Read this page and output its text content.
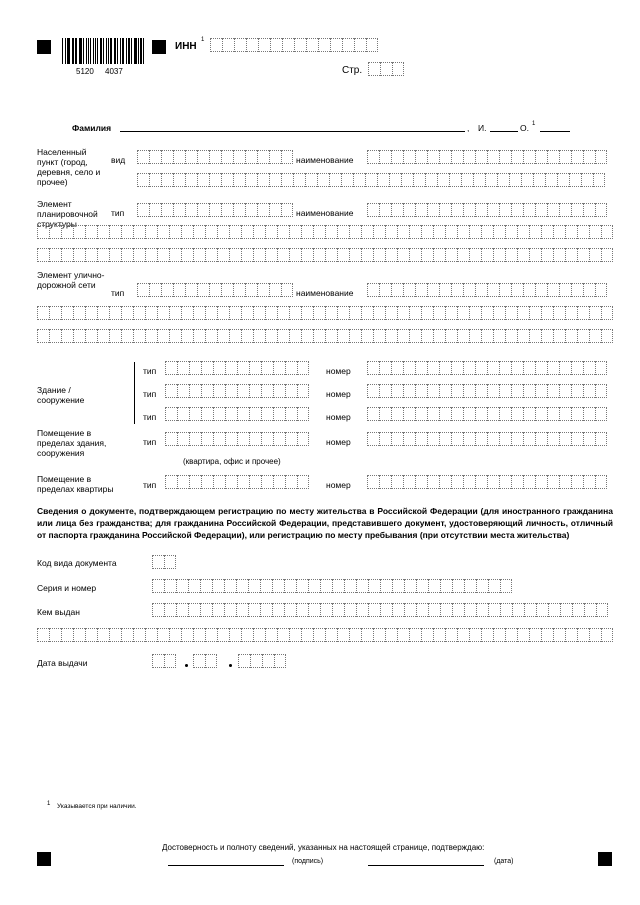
5120 4037
ИНН
1
Стр.
Фамилия	, И.	О. 1
Населенный пункт (город, деревня, село и прочее)
вид	наименование
Элемент планировочной структуры
тип	наименование
Элемент улично-дорожной сети
тип	наименование
Здание / сооружение
тип	номер
тип	номер
тип	номер
Помещение в пределах здания, сооружения
тип	номер
(квартира, офис и прочее)
Помещение в пределах квартиры	тип	номер
Сведения о документе, подтверждающем регистрацию по месту жительства в Российской Федерации (для иностранного гражданина или лица без гражданства; для гражданина Российской Федерации, представившего документ, удостоверяющий личность, отличный от паспорта гражданина Российской Федерации), или регистрацию по месту пребывания (при отсутствии места жительства)
Код вида документа
Серия и номер
Кем выдан
Дата выдачи
1 Указывается при наличии.
Достоверность и полноту сведений, указанных на настоящей странице, подтверждаю:
(подпись)	(дата)
